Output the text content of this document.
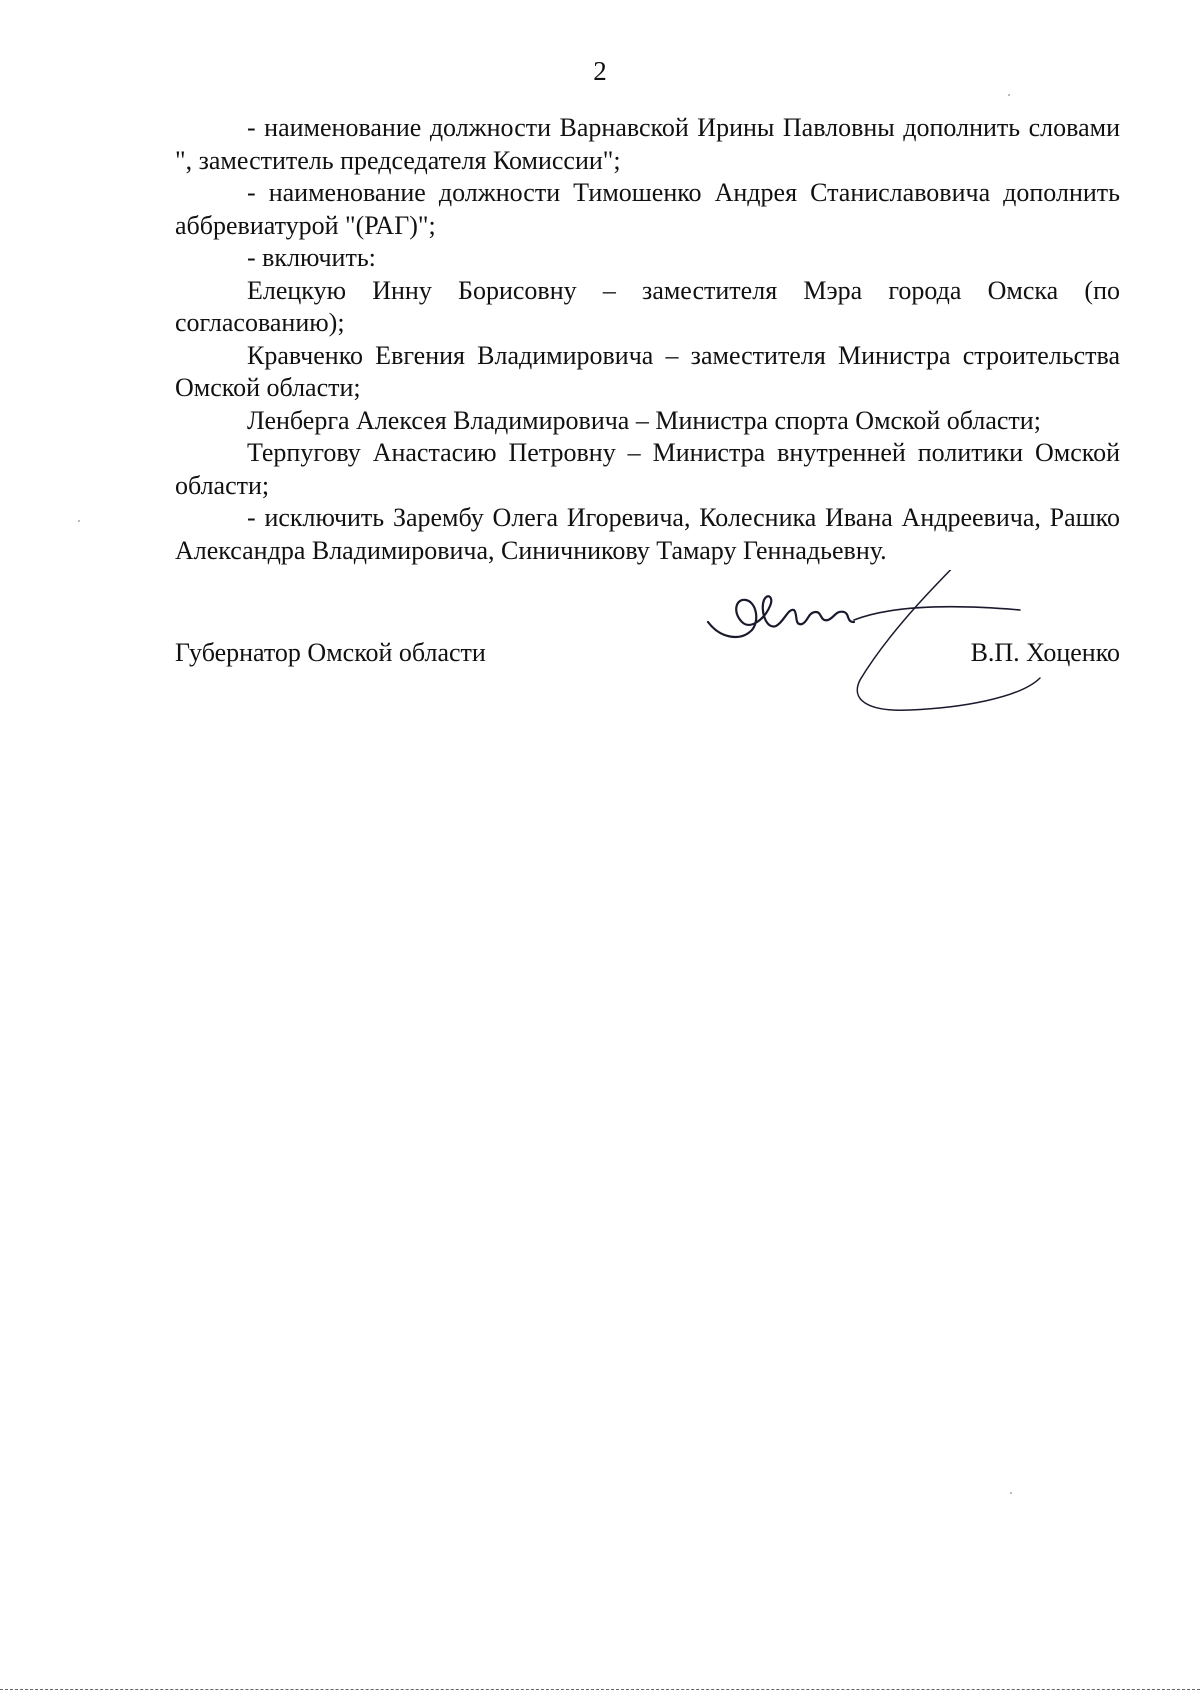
2

- наименование должности Варнавской Ирины Павловны дополнить словами ", заместитель председателя Комиссии";

- наименование должности Тимошенко Андрея Станиславовича дополнить аббревиатурой "(РАГ)";

- включить:

Елецкую Инну Борисовну – заместителя Мэра города Омска (по согласованию);

Кравченко Евгения Владимировича – заместителя Министра строительства Омской области;

Ленберга Алексея Владимировича – Министра спорта Омской области;

Терпугову Анастасию Петровну – Министра внутренней политики Омской области;

- исключить Зарембу Олега Игоревича, Колесника Ивана Андреевича, Рашко Александра Владимировича, Синичникову Тамару Геннадьевну.

Губернатор Омской области	В.П. Хоценко
